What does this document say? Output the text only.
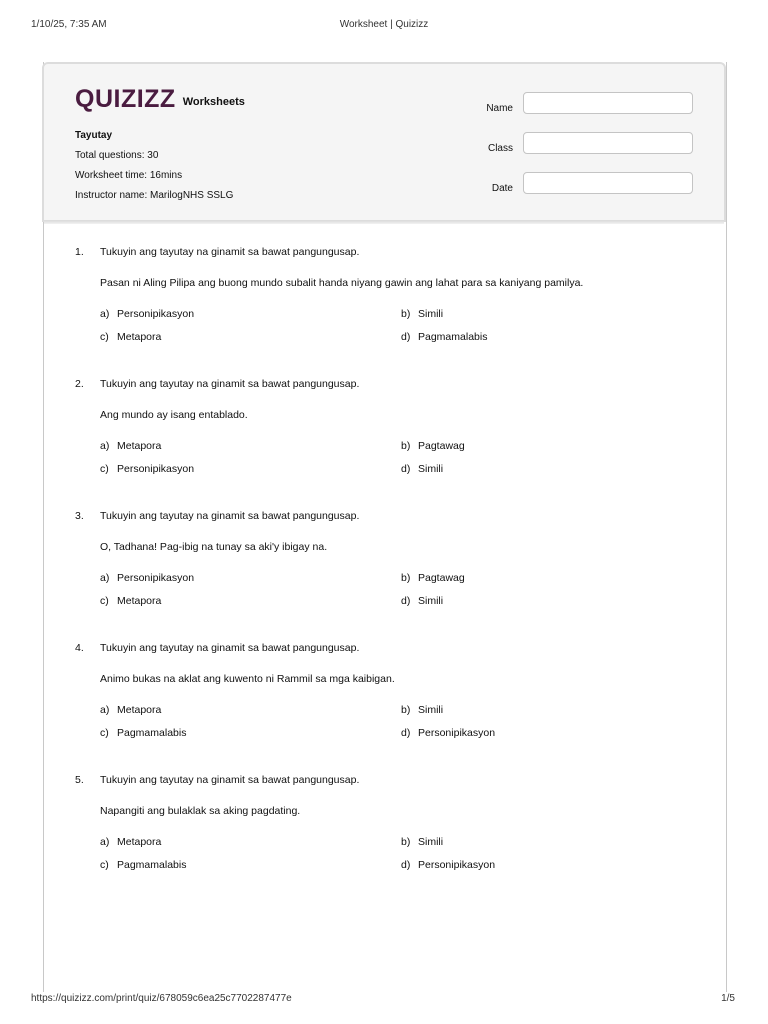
1/10/25, 7:35 AM	Worksheet | Quizizz
QUIZIZZ Worksheets
Tayutay
Total questions: 30
Worksheet time: 16mins
Instructor name: MarilogNHS SSLG
Name
Class
Date
1. Tukuyin ang tayutay na ginamit sa bawat pangungusap.
Pasan ni Aling Pilipa ang buong mundo subalit handa niyang gawin ang lahat para sa kaniyang pamilya.
a) Personipikasyon	b) Simili
c) Metapora	d) Pagmamalabis
2. Tukuyin ang tayutay na ginamit sa bawat pangungusap.
Ang mundo ay isang entablado.
a) Metapora	b) Pagtawag
c) Personipikasyon	d) Simili
3. Tukuyin ang tayutay na ginamit sa bawat pangungusap.
O, Tadhana! Pag-ibig na tunay sa aki'y ibigay na.
a) Personipikasyon	b) Pagtawag
c) Metapora	d) Simili
4. Tukuyin ang tayutay na ginamit sa bawat pangungusap.
Animo bukas na aklat ang kuwento ni Rammil sa mga kaibigan.
a) Metapora	b) Simili
c) Pagmamalabis	d) Personipikasyon
5. Tukuyin ang tayutay na ginamit sa bawat pangungusap.
Napangiti ang bulaklak sa aking pagdating.
a) Metapora	b) Simili
c) Pagmamalabis	d) Personipikasyon
https://quizizz.com/print/quiz/678059c6ea25c7702287477e	1/5
